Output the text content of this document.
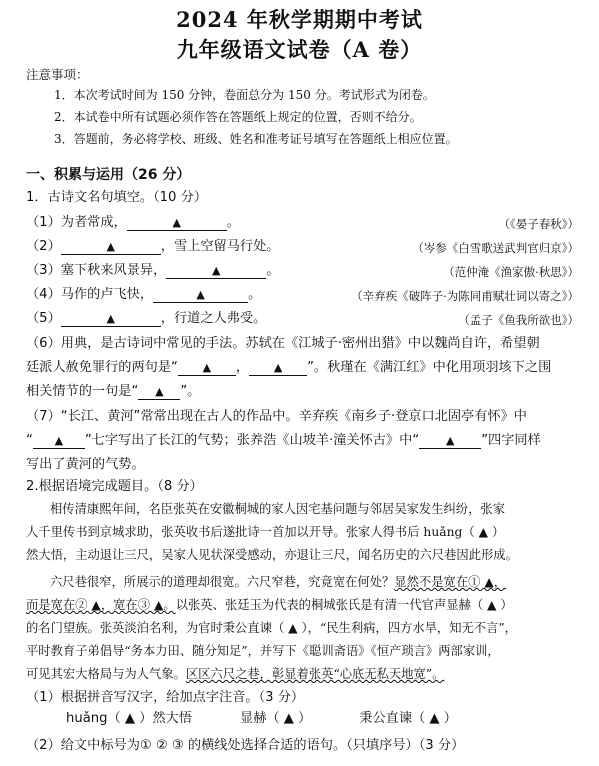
2024 年秋学期期中考试
九年级语文试卷（A 卷）
注意事项：
1．本次考试时间为 150 分钟，卷面总分为 150 分。考试形式为闭卷。
2．本试卷中所有试题必须作答在答题纸上规定的位置，否则不给分。
3．答题前，务必将学校、班级、姓名和准考证号填写在答题纸上相应位置。
一、积累与运用（26 分）
1．古诗文名句填空。（10 分）
（1）为者常成，	▲	。	（《晏子春秋》）
（2）	▲	，雪上空留马行处。	（岑参《白雪歌送武判官归京》）
（3）塞下秋来风景异，	▲	。	（范仲淹《渔家傲·秋思》）
（4）马作的卢飞快，	▲	。	（辛弃疾《破阵子·为陈同甫赋壮词以寄之》）
（5）	▲	，行道之人弗受。	（孟子《鱼我所欲也》）
（6）用典，是古诗词中常见的手法。苏轼在《江城子·密州出猎》中以魏尚自许，希望朝
廷派人赦免罪行的两句是“ ▲ ， ▲ ”。秋瑾在《满江红》中化用项羽垓下之围
相关情节的一句是“ ▲ ”。
（7）“长江、黄河”常常出现在古人的作品中。辛弃疾《南乡子·登京口北固亭有怀》中
“ ▲ ”七字写出了长江的气势；张养浩《山坡羊·潼关怀古》中“ ▲ ”四字同样
写出了黄河的气势。
2.根据语境完成题目。（8 分）
相传清康熙年间，名臣张英在安徽桐城的家人因宅基问题与邻居吴家发生纠纷，张家
人千里传书到京城求助，张英收书后遂批诗一首加以开导。张家人得书后 huǎng（ ▲ ）
然大悟，主动退让三尺，吴家人见状深受感动，亦退让三尺，闻名历史的六尺巷因此形成。
六尺巷很窄，所展示的道理却很宽。六尺窄巷，究竟宽在何处？显然不是宽在① ▲，
而是宽在② ▲，宽在③ ▲。以张英、张廷玉为代表的桐城张氏是有清一代官声显赫（ ▲ ）
的名门望族。张英淡泊名利，为官时秉公直谏（ ▲ ），“民生利病，四方水旱，知无不言”，
平时教育子弟倡导“务本力田、随分知足”，并写下《聪训斋语》《恒产琐言》两部家训，
可见其宏大格局与为人气象。区区六尺之巷，彰显着张英“心底无私天地宽”。
（1）根据拼音写汉字，给加点字注音。（3 分）
huǎng（ ▲ ）然大悟	显赫（ ▲ ）	秉公直谏（ ▲ ）
（2）给文中标号为① ② ③ 的横线处选择合适的语句。（只填序号）（3 分）
